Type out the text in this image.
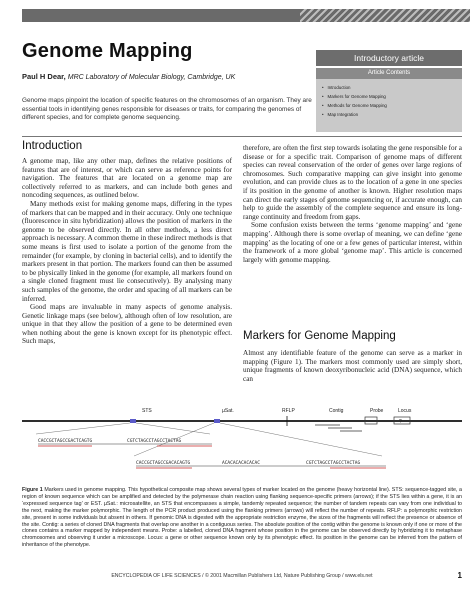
Genome Mapping
Paul H Dear, MRC Laboratory of Molecular Biology, Cambridge, UK
Genome maps pinpoint the location of specific features on the chromosomes of an organism. They are essential tools in identifying genes responsible for diseases or traits, for comparing the genomes of different species, and for complete genome sequencing.
Introductory article
Article Contents
• Introduction
• Markers for Genome Mapping
• Methods for Genome Mapping
• Map Integration
Introduction

A genome map, like any other map, defines the relative positions of features that are of interest, or which can serve as reference points for navigation. The features that are located on a genome map are collectively referred to as markers, and can include both genes and noncoding sequences, as outlined below.

Many methods exist for making genome maps, differing in the types of markers that can be mapped and in their accuracy. Only one technique (fluorescence in situ hybridization) allows the position of markers in the genome to be observed directly. In all other methods, a less direct approach is necessary. A common theme in these indirect methods is that some means is first used to isolate a portion of the genome from the remainder (for example, by cloning in bacterial cells), and to identify the markers present in that portion. The markers found can then be assumed to be physically linked in the genome (for example, all markers found on a single cloned fragment must lie consecutively). By analysing many such samples of the genome, the order and spacing of all markers can be inferred.

Good maps are invaluable in many aspects of genome analysis. Genetic linkage maps (see below), although often of low resolution, are unique in that they allow the position of a gene to be determined even when nothing about the gene is known except for its phenotypic effect. Such maps,

therefore, are often the first step towards isolating the gene responsible for a disease or for a specific trait. Comparison of genome maps of different species can reveal conservation of the order of genes over large regions of chromosomes. Such comparative mapping can give insight into genome evolution, and can provide clues as to the location of a gene in one species if its position in the genome of another is known. Higher resolution maps can direct the early stages of genome sequencing or, if accurate enough, can help to guide the assembly of the complete sequence and ensure its long-range continuity and freedom from gaps.

Some confusion exists between the terms ‘genome mapping’ and ‘gene mapping’. Although there is some overlap of meaning, we can define ‘gene mapping’ as the locating of one or a few genes of particular interest, within the framework of a more global ‘genome map’. This article is concerned largely with genome mapping.

Markers for Genome Mapping

Almost any identifiable feature of the genome can serve as a marker in mapping (Figure 1). The markers most commonly used are simply short, unique fragments of known deoxyribonucleic acid (DNA) sequence, which can

STS	µSat.	RFLP	Contig	Probe	Locus
?
CACCGCTAGCCGACTCAGTG	CGTCTAGCCTAGCCTACTAG
CACCGCTAGCCGACACAGTG	ACACACACACACAC	CGTCTAGCCTAGCCTACTAG
Figure 1 Markers used in genome mapping. This hypothetical composite map shows several types of marker located on the genome (heavy horizontal line). STS: sequence-tagged site, a region of known sequence which can be amplified and detected by the polymerase chain reaction using flanking sequence-specific primers (arrows); if the STS lies within a gene, it is an ‘expressed sequence tag’ or EST. µSat.: microsatellite, an STS that encompasses a simple, tandemly repeated sequence; the number of tandem repeats can vary from one individual to the next, making the marker polymorphic. The length of the PCR product produced using the flanking primers (arrows) will reflect the number of repeats. RFLP: a polymorphic restriction site, present in some individuals but absent in others. If genomic DNA is digested with the appropriate restriction enzyme, the sizes of the fragments will reflect the presence or absence of the site. Contig: a series of cloned DNA fragments that overlap one another in a contiguous series. The absolute position of the contig within the genome is known only if one or more of the clones contains a marker mapped by independent means. Probe: a labelled, cloned DNA fragment whose position in the genome can be observed directly by hybridizing it to metaphase chromosomes and observing it under a microscope. Locus: a gene or other sequence known only by its phenotypic effect. Its position in the genome can be inferred from the pattern of inheritance of the phenotype.
ENCYCLOPEDIA OF LIFE SCIENCES / © 2001 Macmillan Publishers Ltd, Nature Publishing Group / www.els.net	1
